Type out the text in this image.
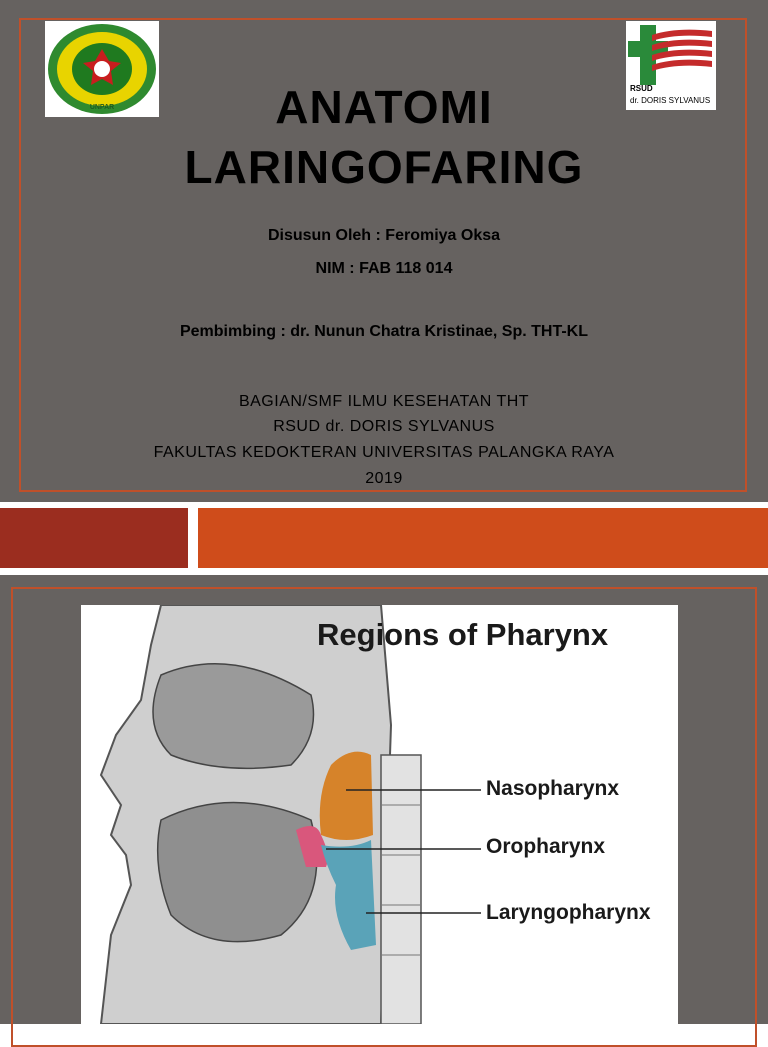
UNPAR
RSUD
dr. DORIS SYLVANUS
ANATOMI
LARINGOFARING
Disusun Oleh : Feromiya Oksa
NIM : FAB 118 014
Pembimbing : dr. Nunun Chatra Kristinae, Sp. THT-KL
BAGIAN/SMF ILMU KESEHATAN THT
RSUD dr. DORIS SYLVANUS
FAKULTAS KEDOKTERAN UNIVERSITAS PALANGKA RAYA
2019
Regions of Pharynx
Nasopharynx
Oropharynx
Laryngopharynx
